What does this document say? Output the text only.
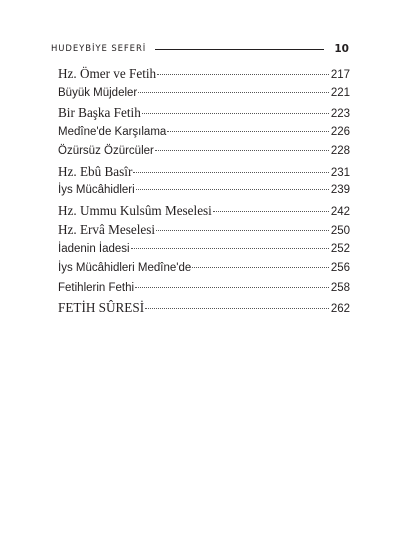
HUDEYBİYE SEFERİ	10
Hz. Ömer ve Fetih	217
Büyük Müjdeler	221
Bir Başka Fetih	223
Medîne'de Karşılama	226
Özürsüz Özürcüler	228
Hz. Ebû Basîr	231
İys Mücâhidleri	239
Hz. Ummu Kulsûm Meselesi	242
Hz. Ervâ Meselesi	250
İadenin İadesi	252
İys Mücâhidleri Medîne'de	256
Fetihlerin Fethi	258
FETİH SÛRESİ	262
